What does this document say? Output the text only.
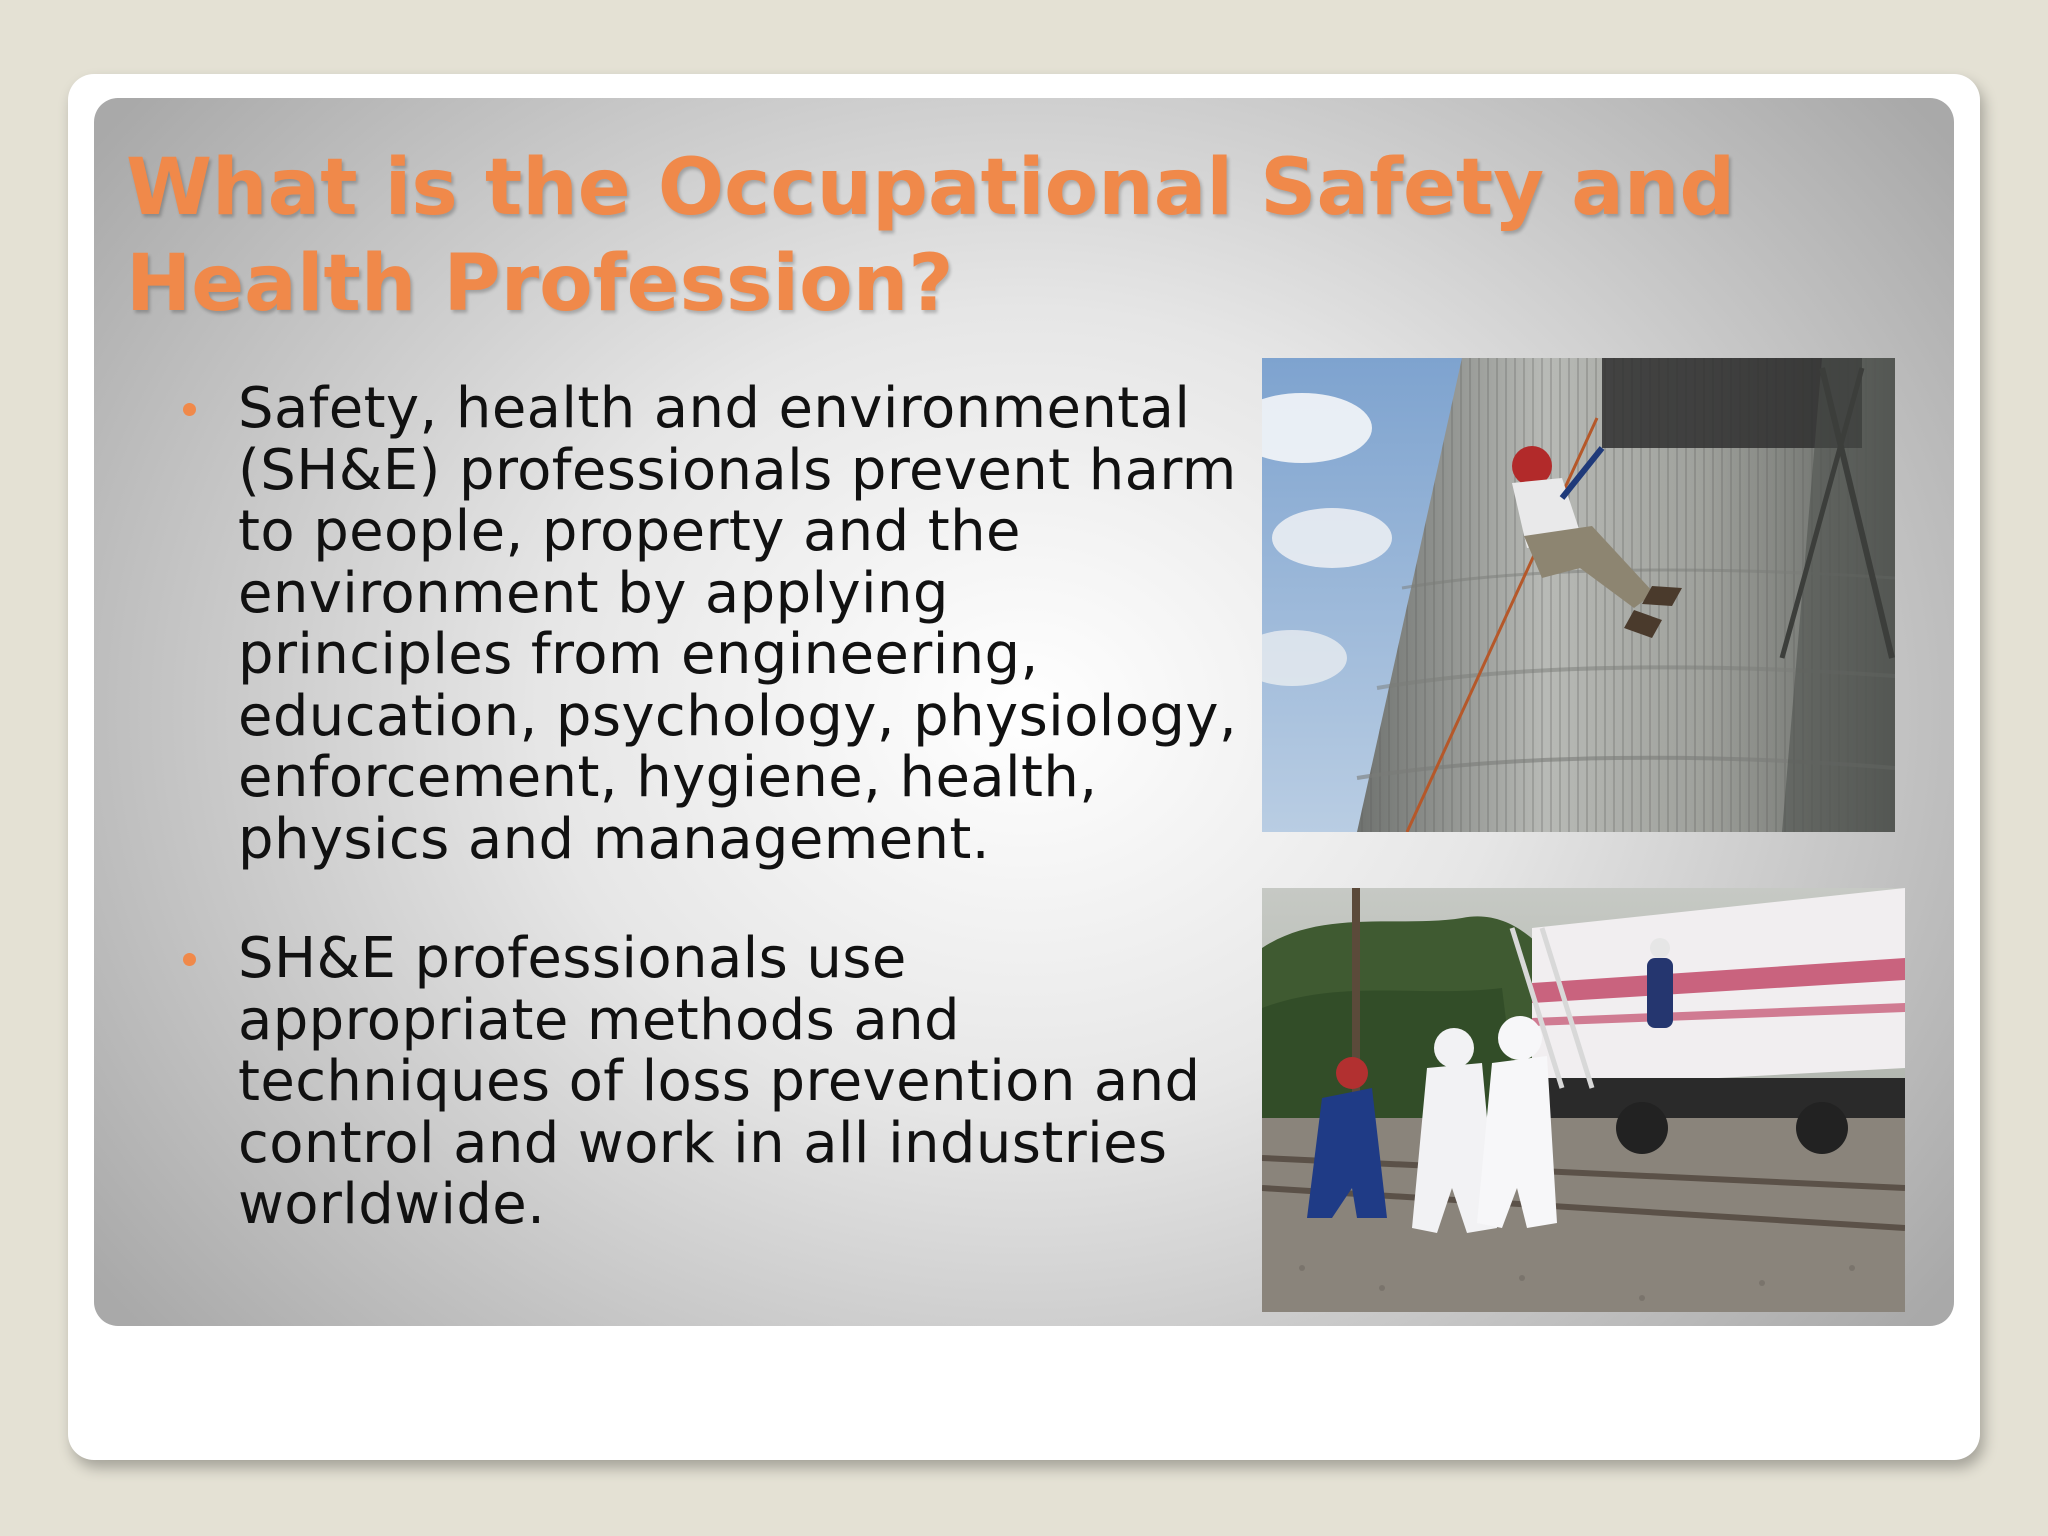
What is the Occupational Safety and Health Profession?
Safety, health and environmental (SH&E) professionals prevent harm to people, property and the environment by applying principles from engineering, education, psychology, physiology, enforcement, hygiene, health, physics and management.
SH&E professionals use appropriate methods and techniques of loss prevention and control and work in all industries worldwide.
